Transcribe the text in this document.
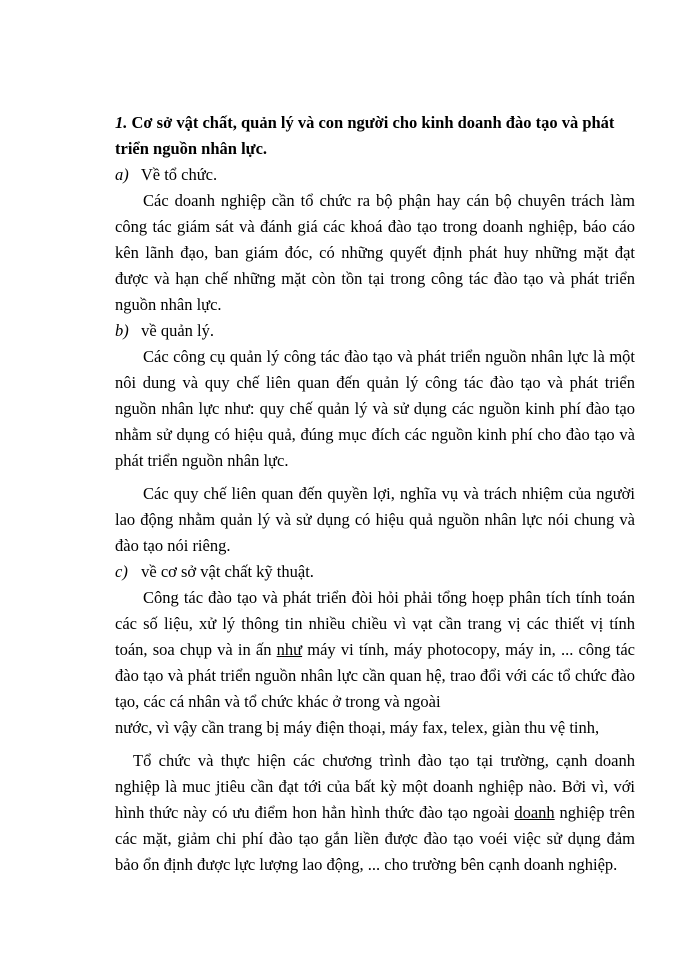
1. Cơ sở vật chất, quản lý và con người cho kinh doanh đào tạo và phát triển nguồn nhân lực.

a) Về tổ chức.

Các doanh nghiệp cần tổ chức ra bộ phận hay cán bộ chuyên trách làm công tác giám sát và đánh giá các khoá đào tạo trong doanh nghiệp, báo cáo kên lãnh đạo, ban giám đóc, có những quyết định phát huy những mặt đạt được và hạn chế những mặt còn tồn tại trong công tác đào tạo và phát triển nguồn nhân lực.

b) về quản lý.

Các công cụ quản lý công tác đào tạo và phát triển nguồn nhân lực là một nôi dung và quy chế liên quan đến quản lý công tác đào tạo và phát triển nguồn nhân lực như: quy chế quản lý và sử dụng các nguồn kinh phí đào tạo nhằm sử dụng có hiệu quả, đúng mục đích các nguồn kinh phí cho đào tạo và phát triển nguồn nhân lực.

Các quy chế liên quan đến quyền lợi, nghĩa vụ và trách nhiệm của người lao động nhằm quản lý và sử dụng có hiệu quả nguồn nhân lực nói chung và đào tạo nói riêng.

c) về cơ sở vật chất kỹ thuật.

Công tác đào tạo và phát triển đòi hỏi phải tổng hoẹp phân tích tính toán các số liệu, xử lý thông tin nhiều chiều vì vạt cần trang vị các thiết vị tính toán, soa chụp và in ấn như máy vi tính, máy photocopy, máy in, ... công tác đào tạo và phát triển nguồn nhân lực cần quan hệ, trao đổi với các tổ chức đào tạo, các cá nhân và tổ chức khác ở trong và ngoài

nước, vì vậy cần trang bị máy điện thoại, máy fax, telex, giàn thu vệ tinh,

Tổ chức và thực hiện các chương trình đào tạo tại trường, cạnh doanh nghiệp là muc jtiêu cần đạt tới của bất kỳ một doanh nghiệp nào. Bởi vì, với hình thức này có ưu điểm hon hẳn hình thức đào tạo ngoài doanh nghiệp trên các mặt, giảm chi phí đào tạo gắn liền được đào tạo voéi việc sử dụng đảm bảo ổn định được lực lượng lao động, ... cho trường bên cạnh doanh nghiệp.
